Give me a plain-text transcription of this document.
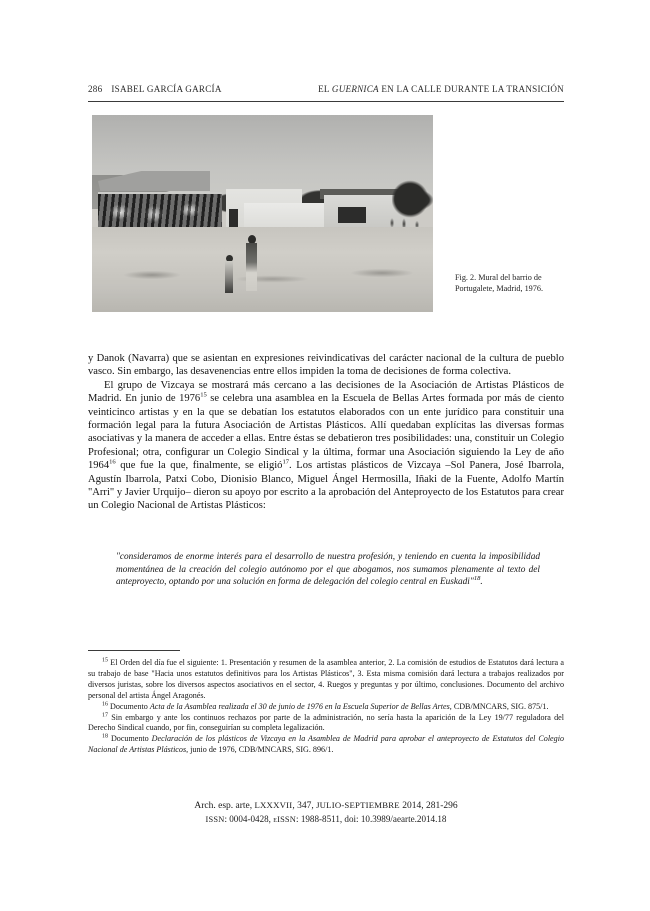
286 ISABEL GARCÍA GARCÍA	EL GUERNICA EN LA CALLE DURANTE LA TRANSICIÓN
Fig. 2. Mural del barrio de Portugalete, Madrid, 1976.

y Danok (Navarra) que se asientan en expresiones reivindicativas del carácter nacional de la cultura de pueblo vasco. Sin embargo, las desavenencias entre ellos impiden la toma de decisiones de forma colectiva.

El grupo de Vizcaya se mostrará más cercano a las decisiones de la Asociación de Artistas Plásticos de Madrid. En junio de 1976$^{15}$ se celebra una asamblea en la Escuela de Bellas Artes formada por más de ciento veinticinco artistas y en la que se debatían los estatutos elaborados con un ente jurídico para constituir una formación legal para la futura Asociación de Artistas Plásticos. Allí quedaban explícitas las diversas formas asociativas y la manera de acceder a ellas. Entre éstas se debatieron tres posibilidades: una, constituir un Colegio Profesional; otra, configurar un Colegio Sindical y la última, formar una Asociación siguiendo la Ley de año 1964$^{16}$ que fue la que, finalmente, se eligió$^{17}$. Los artistas plásticos de Vizcaya –Sol Panera, José Ibarrola, Agustín Ibarrola, Patxi Cobo, Dionisio Blanco, Miguel Ángel Hermosilla, Iñaki de la Fuente, Adolfo Martín "Arri" y Javier Urquijo– dieron su apoyo por escrito a la aprobación del Anteproyecto de los Estatutos para crear un Colegio Nacional de Artistas Plásticos:

"consideramos de enorme interés para el desarrollo de nuestra profesión, y teniendo en cuenta la imposibilidad momentánea de la creación del colegio autónomo por el que abogamos, nos sumamos plenamente al texto del anteproyecto, optando por una solución en forma de delegación del colegio central en Euskadi"$^{18}$.

$^{15}$ El Orden del día fue el siguiente: 1. Presentación y resumen de la asamblea anterior, 2. La comisión de estudios de Estatutos dará lectura a su trabajo de base "Hacia unos estatutos definitivos para los Artistas Plásticos", 3. Esta misma comisión dará lectura a trabajos realizados por diversos juristas, sobre los diversos aspectos asociativos en el sector, 4. Ruegos y preguntas y por último, conclusiones. Documento del archivo personal del artista Ángel Aragonés.

$^{16}$ Documento Acta de la Asamblea realizada el 30 de junio de 1976 en la Escuela Superior de Bellas Artes, CDB/MNCARS, SIG. 875/1.

$^{17}$ Sin embargo y ante los continuos rechazos por parte de la administración, no sería hasta la aparición de la Ley 19/77 reguladora del Derecho Sindical cuando, por fin, conseguirían su completa legalización.

$^{18}$ Documento Declaración de los plásticos de Vizcaya en la Asamblea de Madrid para aprobar el anteproyecto de Estatutos del Colegio Nacional de Artistas Plásticos, junio de 1976, CDB/MNCARS, SIG. 896/1.

Arch. esp. arte, LXXXVII, 347, JULIO-SEPTIEMBRE 2014, 281-296
ISSN: 0004-0428, eISSN: 1988-8511, doi: 10.3989/aearte.2014.18
